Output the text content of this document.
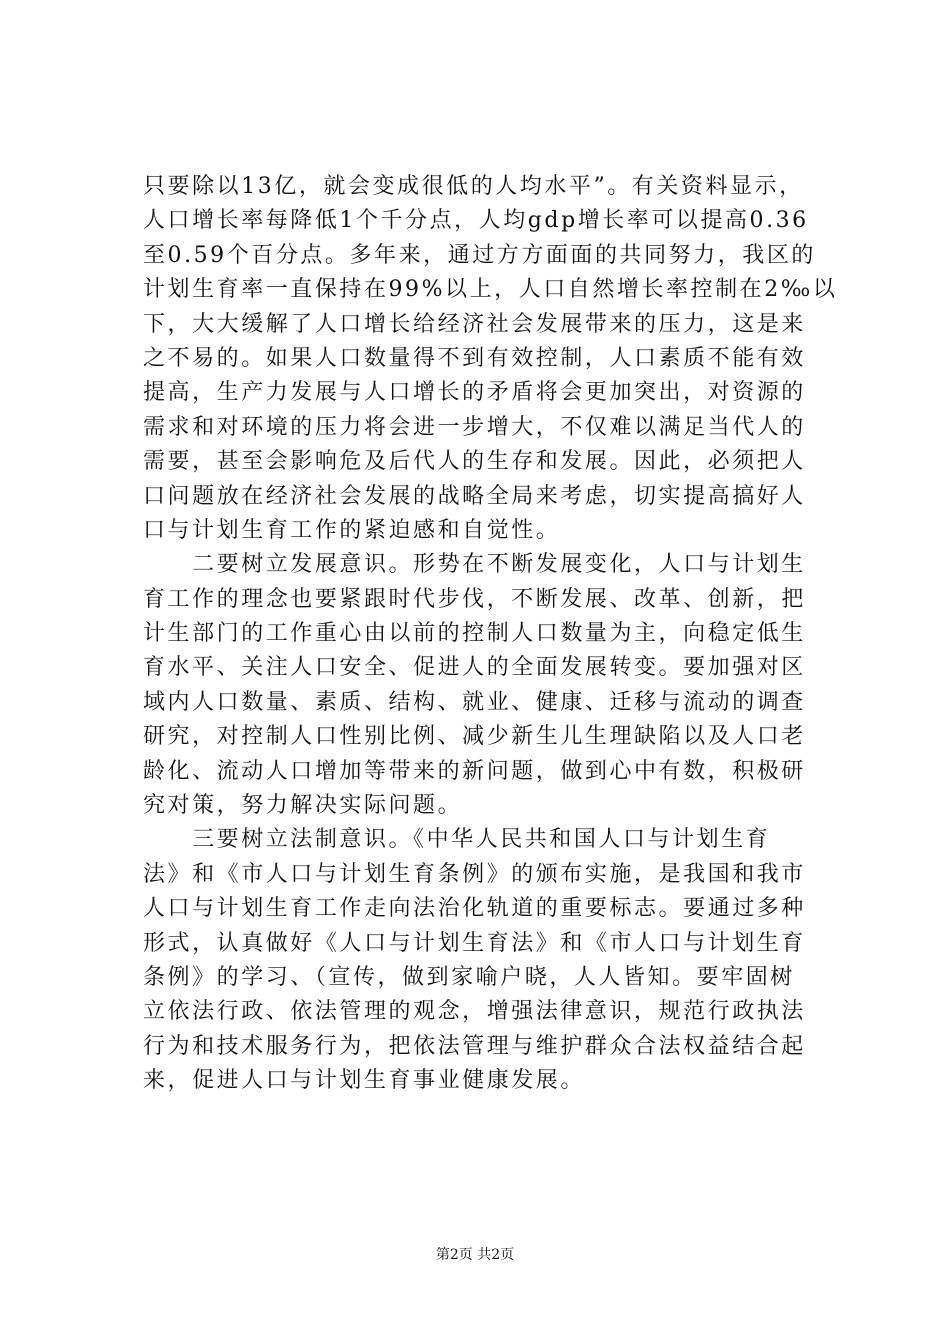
只要除以13亿，就会变成很低的人均水平”。有关资料显示，
人口增长率每降低1个千分点，人均gdp增长率可以提高0.36
至0.59个百分点。多年来，通过方方面面的共同努力，我区的
计划生育率一直保持在99%以上，人口自然增长率控制在2‰以
下，大大缓解了人口增长给经济社会发展带来的压力，这是来
之不易的。如果人口数量得不到有效控制，人口素质不能有效
提高，生产力发展与人口增长的矛盾将会更加突出，对资源的
需求和对环境的压力将会进一步增大，不仅难以满足当代人的
需要，甚至会影响危及后代人的生存和发展。因此，必须把人
口问题放在经济社会发展的战略全局来考虑，切实提高搞好人
口与计划生育工作的紧迫感和自觉性。
　　二要树立发展意识。形势在不断发展变化，人口与计划生
育工作的理念也要紧跟时代步伐，不断发展、改革、创新，把
计生部门的工作重心由以前的控制人口数量为主，向稳定低生
育水平、关注人口安全、促进人的全面发展转变。要加强对区
域内人口数量、素质、结构、就业、健康、迁移与流动的调查
研究，对控制人口性别比例、减少新生儿生理缺陷以及人口老
龄化、流动人口增加等带来的新问题，做到心中有数，积极研
究对策，努力解决实际问题。
　　三要树立法制意识。《中华人民共和国人口与计划生育
法》和《市人口与计划生育条例》的颁布实施，是我国和我市
人口与计划生育工作走向法治化轨道的重要标志。要通过多种
形式，认真做好《人口与计划生育法》和《市人口与计划生育
条例》的学习、（宣传，做到家喻户晓，人人皆知。要牢固树
立依法行政、依法管理的观念，增强法律意识，规范行政执法
行为和技术服务行为，把依法管理与维护群众合法权益结合起
来，促进人口与计划生育事业健康发展。
第2页 共2页
